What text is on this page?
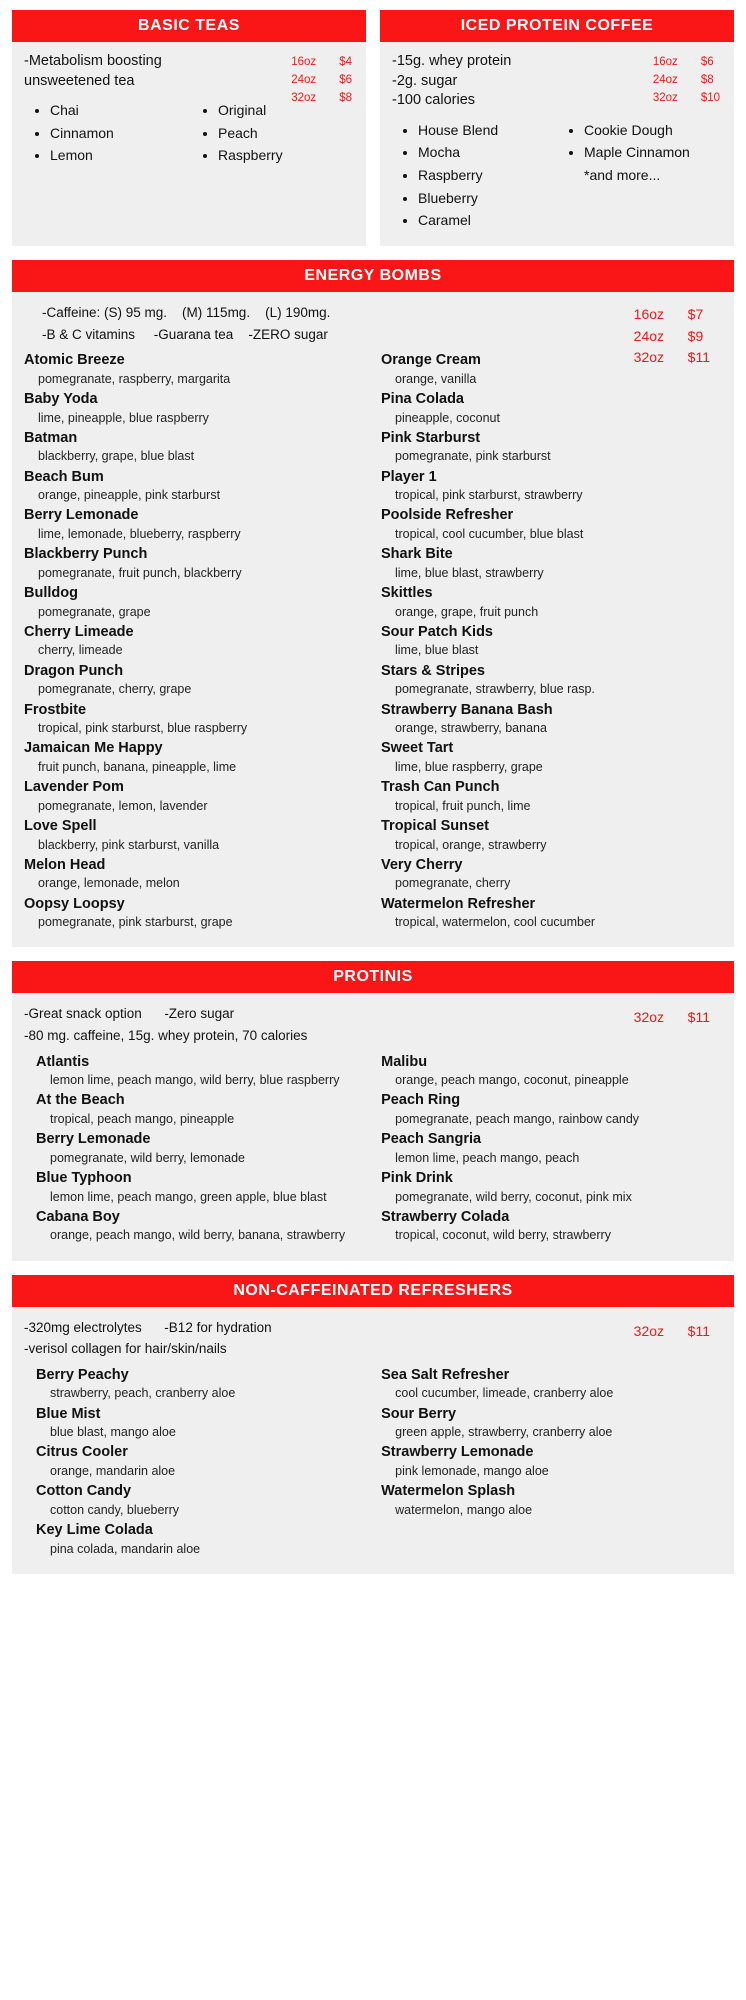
BASIC TEAS
16oz	$4
24oz	$6
32oz	$8
-Metabolism boosting
unsweetened tea
• Chai
• Cinnamon
• Lemon
• Original
• Peach
• Raspberry
ICED PROTEIN COFFEE
16oz	$6
24oz	$8
32oz	$10
-15g. whey protein
-2g. sugar
-100 calories
• House Blend
• Mocha
• Raspberry
• Blueberry
• Caramel
• Cookie Dough
• Maple Cinnamon
*and more...
ENERGY BOMBS
16oz	$7
24oz	$9
32oz	$11
-Caffeine: (S) 95 mg.    (M) 115mg.    (L) 190mg.
-B & C vitamins     -Guarana tea    -ZERO sugar
Atomic Breeze
pomegranate, raspberry, margarita
Baby Yoda
lime, pineapple, blue raspberry
Batman
blackberry, grape, blue blast
Beach Bum
orange, pineapple, pink starburst
Berry Lemonade
lime, lemonade, blueberry, raspberry
Blackberry Punch
pomegranate, fruit punch, blackberry
Bulldog
pomegranate, grape
Cherry Limeade
cherry, limeade
Dragon Punch
pomegranate, cherry, grape
Frostbite
tropical, pink starburst, blue raspberry
Jamaican Me Happy
fruit punch, banana, pineapple, lime
Lavender Pom
pomegranate, lemon, lavender
Love Spell
blackberry, pink starburst, vanilla
Melon Head
orange, lemonade, melon
Oopsy Loopsy
pomegranate, pink starburst, grape
Orange Cream
orange, vanilla
Pina Colada
pineapple, coconut
Pink Starburst
pomegranate, pink starburst
Player 1
tropical, pink starburst, strawberry
Poolside Refresher
tropical, cool cucumber, blue blast
Shark Bite
lime, blue blast, strawberry
Skittles
orange, grape, fruit punch
Sour Patch Kids
lime, blue blast
Stars & Stripes
pomegranate, strawberry, blue rasp.
Strawberry Banana Bash
orange, strawberry, banana
Sweet Tart
lime, blue raspberry, grape
Trash Can Punch
tropical, fruit punch, lime
Tropical Sunset
tropical, orange, strawberry
Very Cherry
pomegranate, cherry
Watermelon Refresher
tropical, watermelon, cool cucumber
PROTINIS
32oz	$11
-Great snack option      -Zero sugar
-80 mg. caffeine, 15g. whey protein, 70 calories
Atlantis
lemon lime, peach mango, wild berry, blue raspberry
At the Beach
tropical, peach mango, pineapple
Berry Lemonade
pomegranate, wild berry, lemonade
Blue Typhoon
lemon lime, peach mango, green apple, blue blast
Cabana Boy
orange, peach mango, wild berry, banana, strawberry
Malibu
orange, peach mango, coconut, pineapple
Peach Ring
pomegranate, peach mango, rainbow candy
Peach Sangria
lemon lime, peach mango, peach
Pink Drink
pomegranate, wild berry, coconut, pink mix
Strawberry Colada
tropical, coconut, wild berry, strawberry
NON-CAFFEINATED REFRESHERS
32oz	$11
-320mg electrolytes      -B12 for hydration
-verisol collagen for hair/skin/nails
Berry Peachy
strawberry, peach, cranberry aloe
Blue Mist
blue blast, mango aloe
Citrus Cooler
orange, mandarin aloe
Cotton Candy
cotton candy, blueberry
Key Lime Colada
pina colada, mandarin aloe
Sea Salt Refresher
cool cucumber, limeade, cranberry aloe
Sour Berry
green apple, strawberry, cranberry aloe
Strawberry Lemonade
pink lemonade, mango aloe
Watermelon Splash
watermelon, mango aloe
